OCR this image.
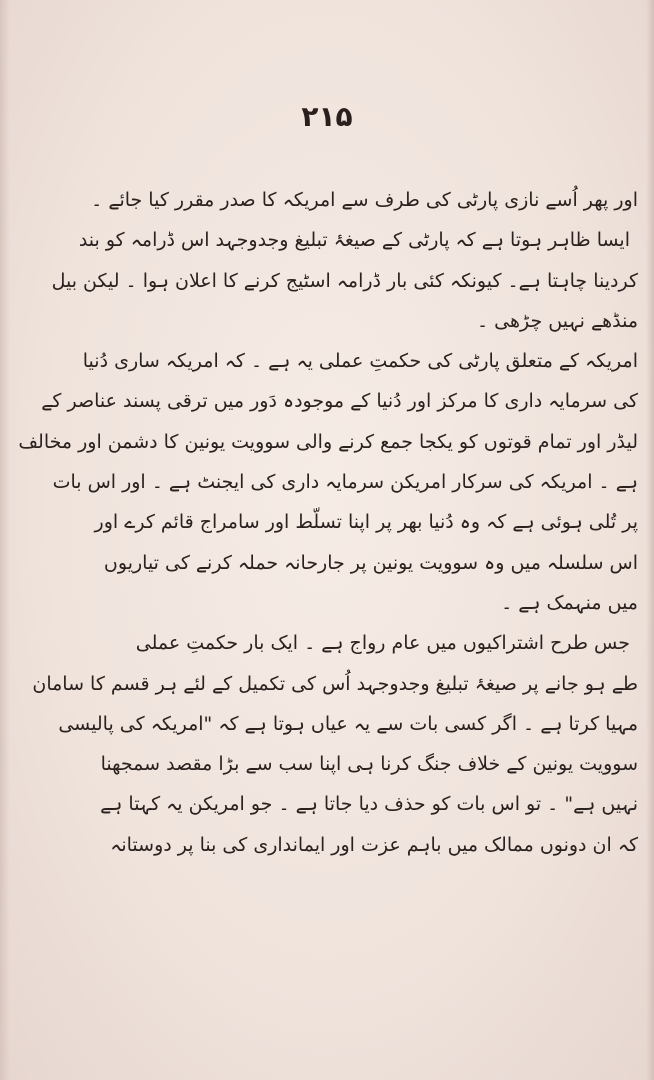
۲۱۵
اور پھر اُسے نازی پارٹی کی طرف سے امریکہ کا صدر مقرر کیا جائے ۔
ایسا ظاہر ہوتا ہے کہ پارٹی کے صیغۂ تبلیغ وجدوجہد اس ڈرامہ کو بند
کردینا چاہتا ہے۔ کیونکہ کئی بار ڈرامہ اسٹیج کرنے کا اعلان ہوا ۔ لیکن بیل
منڈھے نہیں چڑھی ۔
امریکہ کے متعلق پارٹی کی حکمتِ عملی یہ ہے ۔ کہ امریکہ ساری دُنیا
کی سرمایہ داری کا مرکز اور دُنیا کے موجودہ دَور میں ترقی پسند عناصر کے
لیڈر اور تمام قوتوں کو یکجا جمع کرنے والی سوویت یونین کا دشمن اور مخالف
ہے ۔ امریکہ کی سرکار امریکن سرمایہ داری کی ایجنٹ ہے ۔ اور اس بات
پر تُلی ہوئی ہے کہ وہ دُنیا بھر پر اپنا تسلّط اور سامراج قائم کرے اور
اس سلسلہ میں وہ سوویت یونین پر جارحانہ حملہ کرنے کی تیاریوں
میں منہمک ہے ۔
جس طرح اشتراکیوں میں عام رواج ہے ۔ ایک بار حکمتِ عملی
طے ہو جانے پر صیغۂ تبلیغ وجدوجہد اُس کی تکمیل کے لئے ہر قسم کا سامان
مہیا کرتا ہے ۔ اگر کسی بات سے یہ عیاں ہوتا ہے کہ "امریکہ کی پالیسی
سوویت یونین کے خلاف جنگ کرنا ہی اپنا سب سے بڑا مقصد سمجھنا
نہیں ہے" ۔ تو اس بات کو حذف دیا جاتا ہے ۔ جو امریکن یہ کہتا ہے
کہ ان دونوں ممالک میں باہم عزت اور ایمانداری کی بنا پر دوستانہ
